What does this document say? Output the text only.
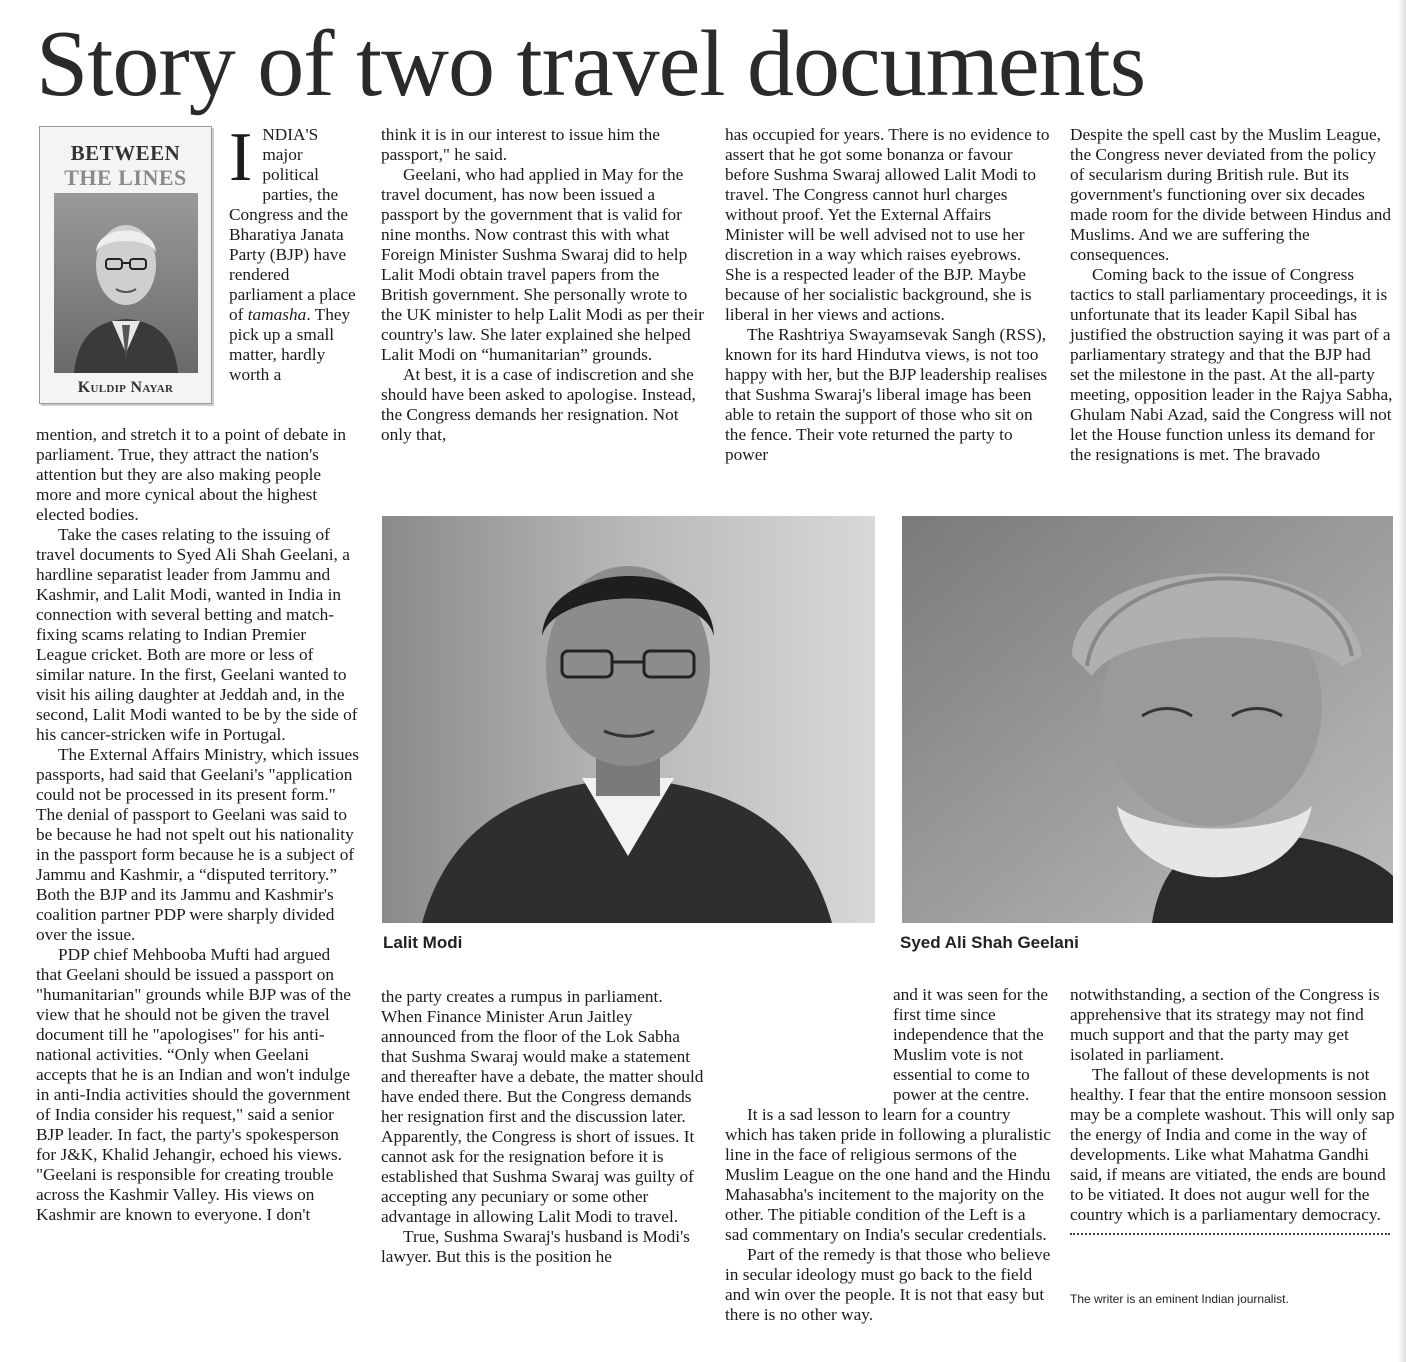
Story of two travel documents
BETWEEN
THE LINES
Kuldip Nayar
INDIA'S major political parties, the Congress and the Bharatiya Janata Party (BJP) have rendered parliament a place of tamasha. They pick up a small matter, hardly worth a

mention, and stretch it to a point of debate in parliament. True, they attract the nation's attention but they are also making people more and more cynical about the highest elected bodies.

Take the cases relating to the issuing of travel documents to Syed Ali Shah Geelani, a hardline separatist leader from Jammu and Kashmir, and Lalit Modi, wanted in India in connection with several betting and match-fixing scams relating to Indian Premier League cricket. Both are more or less of similar nature. In the first, Geelani wanted to visit his ailing daughter at Jeddah and, in the second, Lalit Modi wanted to be by the side of his cancer-stricken wife in Portugal.

The External Affairs Ministry, which issues passports, had said that Geelani's "application could not be processed in its present form." The denial of passport to Geelani was said to be because he had not spelt out his nationality in the passport form because he is a subject of Jammu and Kashmir, a “disputed territory.” Both the BJP and its Jammu and Kashmir's coalition partner PDP were sharply divided over the issue.

PDP chief Mehbooba Mufti had argued that Geelani should be issued a passport on "humanitarian" grounds while BJP was of the view that he should not be given the travel document till he "apologises" for his anti-national activities. “Only when Geelani accepts that he is an Indian and won't indulge in anti-India activities should the government of India consider his request," said a senior BJP leader. In fact, the party's spokesperson for J&K, Khalid Jehangir, echoed his views. "Geelani is responsible for creating trouble across the Kashmir Valley. His views on Kashmir are known to everyone. I don't

think it is in our interest to issue him the passport," he said.

Geelani, who had applied in May for the travel document, has now been issued a passport by the government that is valid for nine months. Now contrast this with what Foreign Minister Sushma Swaraj did to help Lalit Modi obtain travel papers from the British government. She personally wrote to the UK minister to help Lalit Modi as per their country's law. She later explained she helped Lalit Modi on “humanitarian” grounds.

At best, it is a case of indiscretion and she should have been asked to apologise. Instead, the Congress demands her resignation. Not only that,

has occupied for years. There is no evidence to assert that he got some bonanza or favour before Sushma Swaraj allowed Lalit Modi to travel. The Congress cannot hurl charges without proof. Yet the External Affairs Minister will be well advised not to use her discretion in a way which raises eyebrows. She is a respected leader of the BJP. Maybe because of her socialistic background, she is liberal in her views and actions.

The Rashtriya Swayamsevak Sangh (RSS), known for its hard Hindutva views, is not too happy with her, but the BJP leadership realises that Sushma Swaraj's liberal image has been able to retain the support of those who sit on the fence. Their vote returned the party to power

Despite the spell cast by the Muslim League, the Congress never deviated from the policy of secularism during British rule. But its government's functioning over six decades made room for the divide between Hindus and Muslims. And we are suffering the consequences.

Coming back to the issue of Congress tactics to stall parliamentary proceedings, it is unfortunate that its leader Kapil Sibal has justified the obstruction saying it was part of a parliamentary strategy and that the BJP had set the milestone in the past. At the all-party meeting, opposition leader in the Rajya Sabha, Ghulam Nabi Azad, said the Congress will not let the House function unless its demand for the resignations is met. The bravado

Lalit Modi	Syed Ali Shah Geelani

the party creates a rumpus in parliament. When Finance Minister Arun Jaitley announced from the floor of the Lok Sabha that Sushma Swaraj would make a statement and thereafter have a debate, the matter should have ended there. But the Congress demands her resignation first and the discussion later. Apparently, the Congress is short of issues. It cannot ask for the resignation before it is established that Sushma Swaraj was guilty of accepting any pecuniary or some other advantage in allowing Lalit Modi to travel.

True, Sushma Swaraj's husband is Modi's lawyer. But this is the position he

and it was seen for the first time since independence that the Muslim vote is not essential to come to power at the centre.

It is a sad lesson to learn for a country which has taken pride in following a pluralistic line in the face of religious sermons of the Muslim League on the one hand and the Hindu Mahasabha's incitement to the majority on the other. The pitiable condition of the Left is a sad commentary on India's secular credentials.

Part of the remedy is that those who believe in secular ideology must go back to the field and win over the people. It is not that easy but there is no other way.

notwithstanding, a section of the Congress is apprehensive that its strategy may not find much support and that the party may get isolated in parliament.

The fallout of these developments is not healthy. I fear that the entire monsoon session may be a complete washout. This will only sap the energy of India and come in the way of developments. Like what Mahatma Gandhi said, if means are vitiated, the ends are bound to be vitiated. It does not augur well for the country which is a parliamentary democracy.

The writer is an eminent Indian journalist.
